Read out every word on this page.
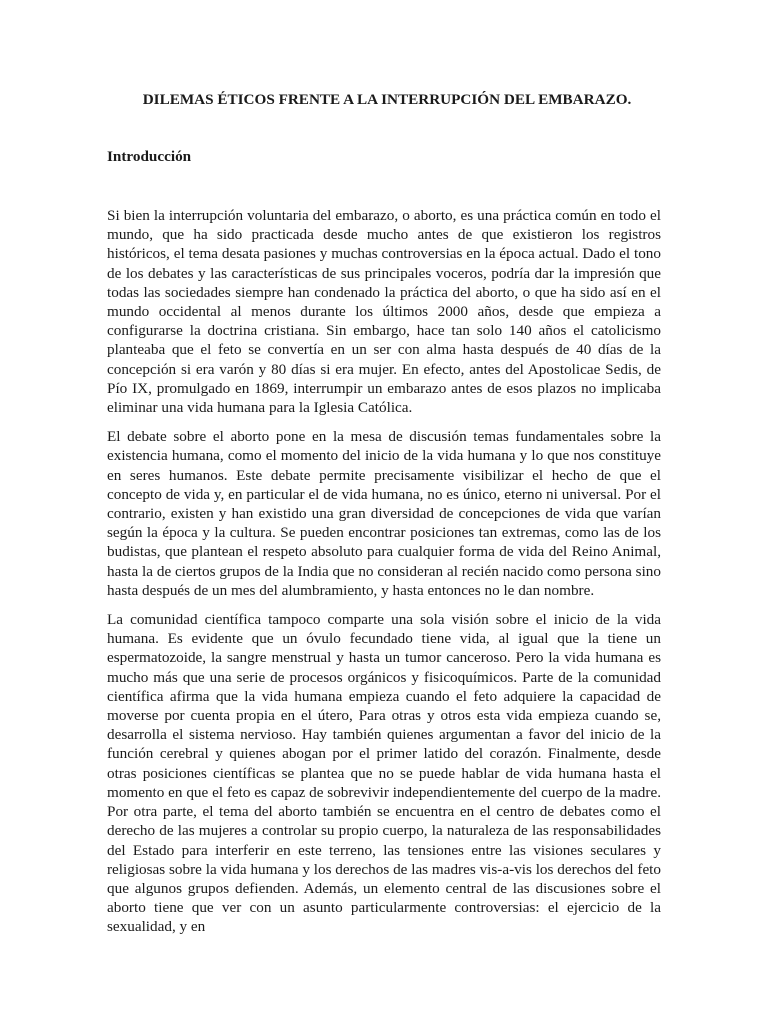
DILEMAS ÉTICOS FRENTE A LA INTERRUPCIÓN DEL EMBARAZO.
Introducción

Si bien la interrupción voluntaria del embarazo, o aborto, es una práctica común en todo el mundo, que ha sido practicada desde mucho antes de que existieron los registros históricos, el tema desata pasiones y muchas controversias en la época actual. Dado el tono de los debates y las características de sus principales voceros, podría dar la impresión que todas las sociedades siempre han condenado la práctica del aborto, o que ha sido así en el mundo occidental al menos durante los últimos 2000 años, desde que empieza a configurarse la doctrina cristiana. Sin embargo, hace tan solo 140 años el catolicismo planteaba que el feto se convertía en un ser con alma hasta después de 40 días de la concepción si era varón y 80 días si era mujer. En efecto, antes del Apostolicae Sedis, de Pío IX, promulgado en 1869, interrumpir un embarazo antes de esos plazos no implicaba eliminar una vida humana para la Iglesia Católica.

El debate sobre el aborto pone en la mesa de discusión temas fundamentales sobre la existencia humana, como el momento del inicio de la vida humana y lo que nos constituye en seres humanos. Este debate permite precisamente visibilizar el hecho de que el concepto de vida y, en particular el de vida humana, no es único, eterno ni universal. Por el contrario, existen y han existido una gran diversidad de concepciones de vida que varían según la época y la cultura. Se pueden encontrar posiciones tan extremas, como las de los budistas, que plantean el respeto absoluto para cualquier forma de vida del Reino Animal, hasta la de ciertos grupos de la India que no consideran al recién nacido como persona sino hasta después de un mes del alumbramiento, y hasta entonces no le dan nombre.

La comunidad científica tampoco comparte una sola visión sobre el inicio de la vida humana. Es evidente que un óvulo fecundado tiene vida, al igual que la tiene un espermatozoide, la sangre menstrual y hasta un tumor canceroso. Pero la vida humana es mucho más que una serie de procesos orgánicos y fisicoquímicos. Parte de la comunidad científica afirma que la vida humana empieza cuando el feto adquiere la capacidad de moverse por cuenta propia en el útero, Para otras y otros esta vida empieza cuando se, desarrolla el sistema nervioso. Hay también quienes argumentan a favor del inicio de la función cerebral y quienes abogan por el primer latido del corazón. Finalmente, desde otras posiciones científicas se plantea que no se puede hablar de vida humana hasta el momento en que el feto es capaz de sobrevivir independientemente del cuerpo de la madre. Por otra parte, el tema del aborto también se encuentra en el centro de debates como el derecho de las mujeres a controlar su propio cuerpo, la naturaleza de las responsabilidades del Estado para interferir en este terreno, las tensiones entre las visiones seculares y religiosas sobre la vida humana y los derechos de las madres vis-a-vis los derechos del feto que algunos grupos defienden. Además, un elemento central de las discusiones sobre el aborto tiene que ver con un asunto particularmente controversias: el ejercicio de la sexualidad, y en
